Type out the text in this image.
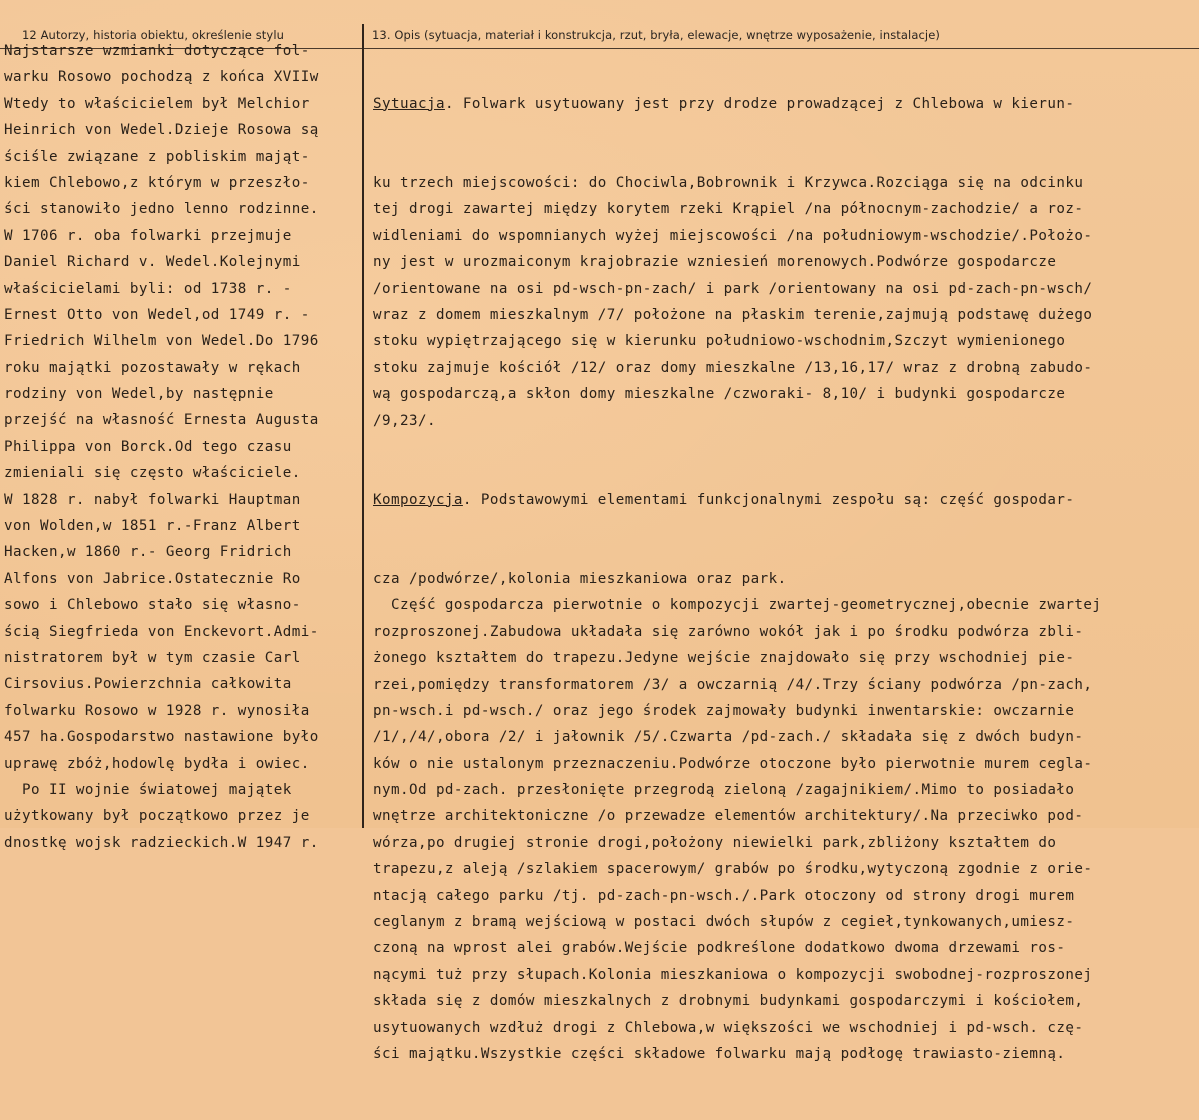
12 Autorzy, historia obiektu, określenie stylu	13. Opis (sytuacja, materiał i konstrukcja, rzut, bryła, elewacje, wnętrze wyposażenie, instalacje)
Najstarsze wzmianki dotyczące fol-
warku Rosowo pochodzą z końca XVIIw
Wtedy to właścicielem był Melchior
Heinrich von Wedel.Dzieje Rosowa są
ściśle związane z pobliskim mająt-
kiem Chlebowo,z którym w przeszło-
ści stanowiło jedno lenno rodzinne.
W 1706 r. oba folwarki przejmuje
Daniel Richard v. Wedel.Kolejnymi
właścicielami byli: od 1738 r. -
Ernest Otto von Wedel,od 1749 r. -
Friedrich Wilhelm von Wedel.Do 1796
roku majątki pozostawały w rękach
rodziny von Wedel,by następnie
przejść na własność Ernesta Augusta
Philippa von Borck.Od tego czasu
zmieniali się często właściciele.
W 1828 r. nabył folwarki Hauptman
von Wolden,w 1851 r.-Franz Albert
Hacken,w 1860 r.- Georg Fridrich
Alfons von Jabrice.Ostatecznie Ro
sowo i Chlebowo stało się własno-
ścią Siegfrieda von Enckevort.Admi-
nistratorem był w tym czasie Carl
Cirsovius.Powierzchnia całkowita
folwarku Rosowo w 1928 r. wynosiła
457 ha.Gospodarstwo nastawione było
uprawę zbóż,hodowlę bydła i owiec.
Po II wojnie światowej majątek
użytkowany był początkowo przez je
dnostkę wojsk radzieckich.W 1947 r.

Sytuacja. Folwark usytuowany jest przy drodze prowadzącej z Chlebowa w kierun-

ku trzech miejscowości: do Chociwla,Bobrownik i Krzywca.Rozciąga się na odcinku
tej drogi zawartej między korytem rzeki Krąpiel /na północnym-zachodzie/ a roz-
widleniami do wspomnianych wyżej miejscowości /na południowym-wschodzie/.Położo-
ny jest w urozmaiconym krajobrazie wzniesień morenowych.Podwórze gospodarcze
/orientowane na osi pd-wsch-pn-zach/ i park /orientowany na osi pd-zach-pn-wsch/
wraz z domem mieszkalnym /7/ położone na płaskim terenie,zajmują podstawę dużego
stoku wypiętrzającego się w kierunku południowo-wschodnim,Szczyt wymienionego
stoku zajmuje kościół /12/ oraz domy mieszkalne /13,16,17/ wraz z drobną zabudo-
wą gospodarczą,a skłon domy mieszkalne /czworaki- 8,10/ i budynki gospodarcze
/9,23/.

Kompozycja. Podstawowymi elementami funkcjonalnymi zespołu są: część gospodar-

cza /podwórze/,kolonia mieszkaniowa oraz park.
Część gospodarcza pierwotnie o kompozycji zwartej-geometrycznej,obecnie zwartej
rozproszonej.Zabudowa układała się zarówno wokół jak i po środku podwórza zbli-
żonego kształtem do trapezu.Jedyne wejście znajdowało się przy wschodniej pie-
rzei,pomiędzy transformatorem /3/ a owczarnią /4/.Trzy ściany podwórza /pn-zach,
pn-wsch.i pd-wsch./ oraz jego środek zajmowały budynki inwentarskie: owczarnie
/1/,/4/,obora /2/ i jałownik /5/.Czwarta /pd-zach./ składała się z dwóch budyn-
ków o nie ustalonym przeznaczeniu.Podwórze otoczone było pierwotnie murem cegla-
nym.Od pd-zach. przesłonięte przegrodą zieloną /zagajnikiem/.Mimo to posiadało
wnętrze architektoniczne /o przewadze elementów architektury/.Na przeciwko pod-
wórza,po drugiej stronie drogi,położony niewielki park,zbliżony kształtem do
trapezu,z aleją /szlakiem spacerowym/ grabów po środku,wytyczoną zgodnie z orie-
ntacją całego parku /tj. pd-zach-pn-wsch./.Park otoczony od strony drogi murem
ceglanym z bramą wejściową w postaci dwóch słupów z cegieł,tynkowanych,umiesz-
czoną na wprost alei grabów.Wejście podkreślone dodatkowo dwoma drzewami ros-
nącymi tuż przy słupach.Kolonia mieszkaniowa o kompozycji swobodnej-rozproszonej
składa się z domów mieszkalnych z drobnymi budynkami gospodarczymi i kościołem,
usytuowanych wzdłuż drogi z Chlebowa,w większości we wschodniej i pd-wsch. czę-
ści majątku.Wszystkie części składowe folwarku mają podłogę trawiasto-ziemną.
